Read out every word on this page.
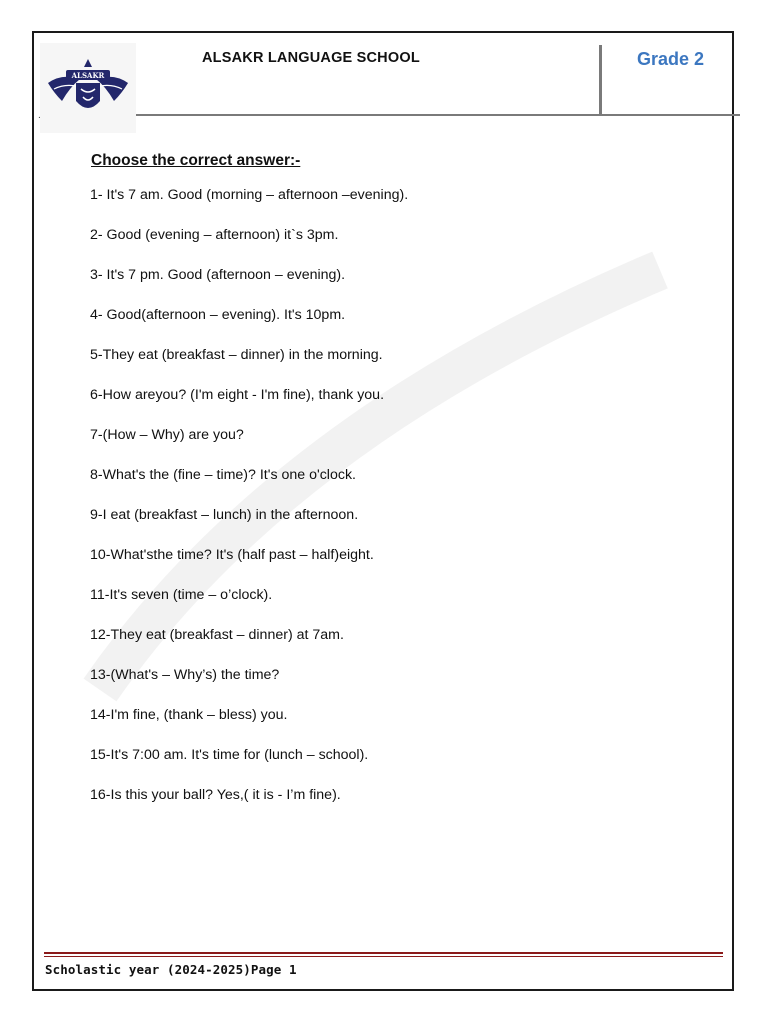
ALSAKR
.
ALSAKR LANGUAGE SCHOOL	Grade 2
Choose the correct answer:-
1- It's 7 am. Good (morning – afternoon –evening).
2- Good (evening – afternoon) it`s 3pm.
3- It's 7 pm. Good (afternoon – evening).
4- Good(afternoon – evening). It's 10pm.
5-They eat (breakfast – dinner) in the morning.
6-How areyou? (I'm eight - I'm fine), thank you.
7-(How – Why) are you?
8-What's the (fine – time)? It's one o'clock.
9-I eat (breakfast – lunch) in the afternoon.
10-What'sthe time? It's (half past – half)eight.
11-It's seven (time – o’clock).
12-They eat (breakfast – dinner) at 7am.
13-(What's – Why’s) the time?
14-I'm fine, (thank – bless) you.
15-It's 7:00 am. It's time for (lunch – school).
16-Is this your ball? Yes,( it is - I’m fine).
Scholastic year (2024-2025)Page 1
